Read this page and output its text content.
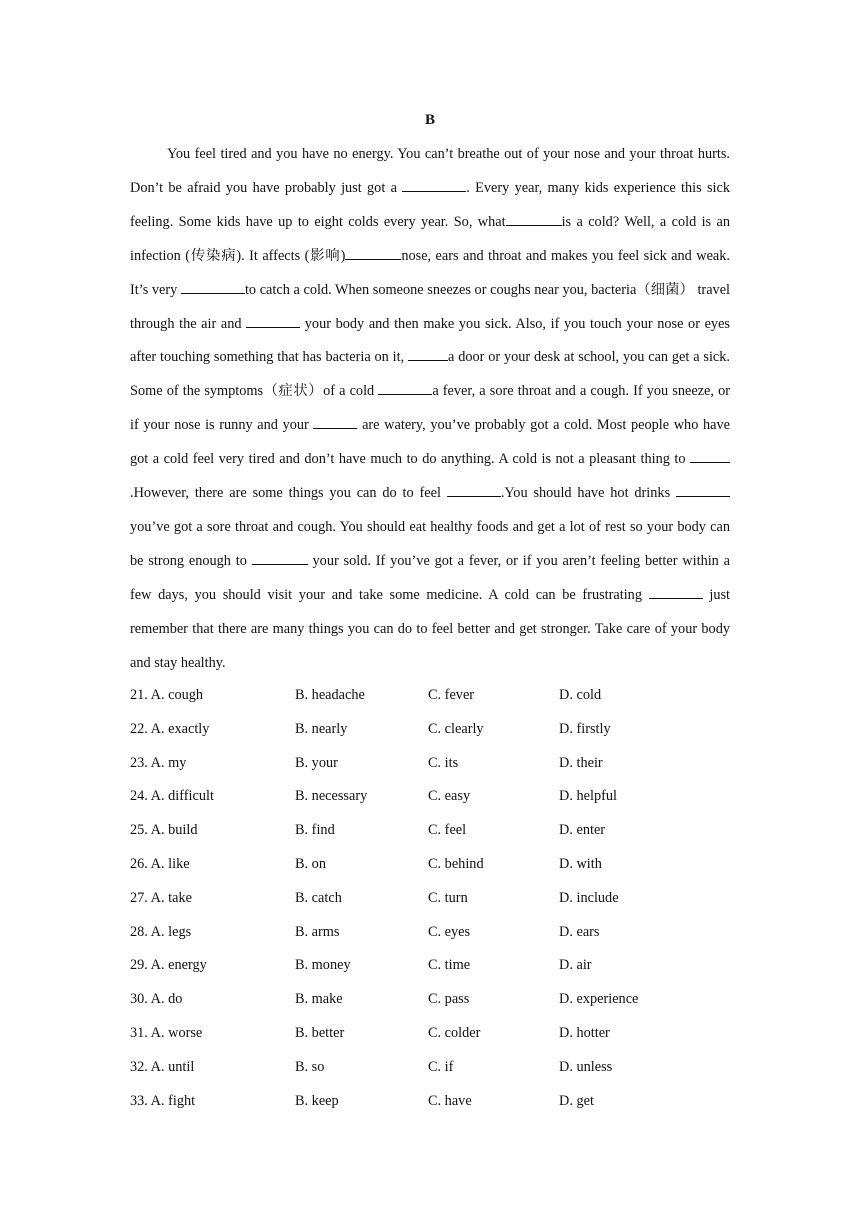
B

You feel tired and you have no energy. You can’t breathe out of your nose and your throat hurts. Don’t be afraid you have probably just got a	. Every year, many kids experience this sick feeling. Some kids have up to eight colds every year. So, what	is a cold? Well, a cold is an infection (传染病). It affects (影响)	nose, ears and throat and makes you feel sick and weak. It’s very	to catch a cold. When someone sneezes or coughs near you, bacteria（细菌） travel through the air and	your body and then make you sick. Also, if you touch your nose or eyes after touching something that has bacteria on it,	a door or your desk at school, you can get a sick. Some of the symptoms（症状）of a cold	a fever, a sore throat and a cough. If you sneeze, or if your nose is runny and your	are watery, you’ve probably got a cold. Most people who have got a cold feel very tired and don’t have much to do anything. A cold is not a pleasant thing to .However, there are some things you can do to feel	.You should have hot drinks  you’ve got a sore throat and cough. You should eat healthy foods and get a lot of rest so your body can be strong enough to	your sold. If you’ve got a fever, or if you aren’t feeling better within a few days, you should visit your and take some medicine. A cold can be frustrating	just remember that there are many things you can do to feel better and get stronger. Take care of your body and stay healthy.

21. A. cough	B. headache	C. fever	D. cold
22. A. exactly	B. nearly	C. clearly	D. firstly
23. A. my	B. your	C. its	D. their
24. A. difficult	B. necessary	C. easy	D. helpful
25. A. build	B. find	C. feel	D. enter
26. A. like	B. on	C. behind	D. with
27. A. take	B. catch	C. turn	D. include
28. A. legs	B. arms	C. eyes	D. ears
29. A. energy	B. money	C. time	D. air
30. A. do	B. make	C. pass	D. experience
31. A. worse	B. better	C. colder	D. hotter
32. A. until	B. so	C. if	D. unless
33. A. fight	B. keep	C. have	D. get
